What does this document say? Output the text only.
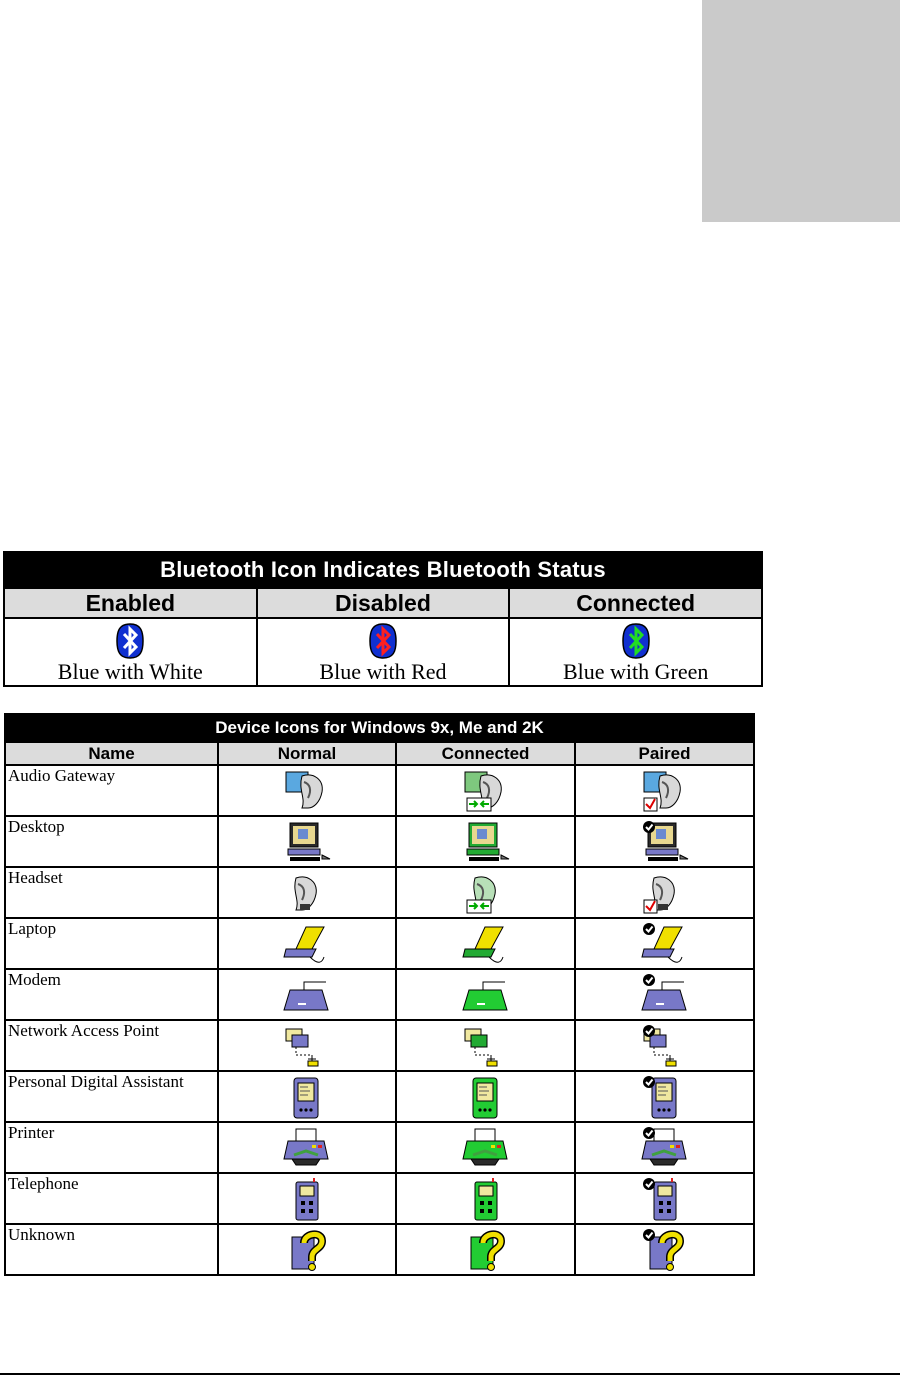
Bluetooth Icon Indicates Bluetooth Status		
Enabled	Disabled	Connected

Blue with White	Blue with Red	Blue with Green
Device Icons for Windows 9x, Me and 2K			
Name	Normal	Connected	Paired
Audio Gateway			
Desktop			
Headset			
Laptop			
Modem			
Network Access Point			
Personal Digital Assistant			
Printer			
Telephone			
Unknown			
